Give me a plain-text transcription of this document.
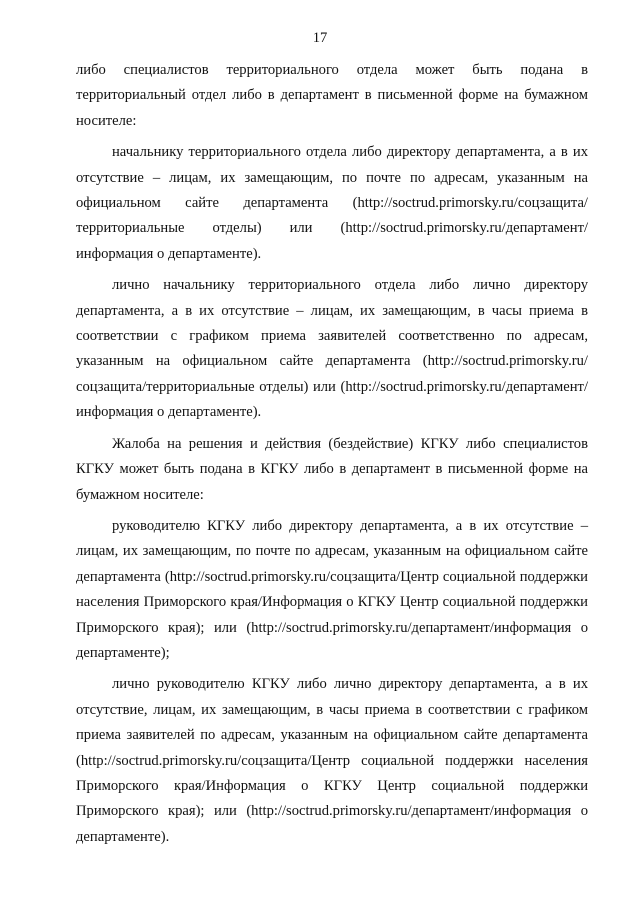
17

либо специалистов территориального отдела может быть подана в территориальный отдел либо в департамент в письменной форме на бумажном носителе:

начальнику территориального отдела либо директору департамента, а в их отсутствие – лицам, их замещающим, по почте по адресам, указанным на официальном сайте департамента (http://soctrud.primorsky.ru/соцзащита/ территориальные отделы) или (http://soctrud.primorsky.ru/департамент/информация о департаменте).

лично начальнику территориального отдела либо лично директору департамента, а в их отсутствие – лицам, их замещающим, в часы приема в соответствии с графиком приема заявителей соответственно по адресам, указанным на официальном сайте департамента (http://soctrud.primorsky.ru/соцзащита/территориальные отделы) или (http://soctrud.primorsky.ru/департамент/информация о департаменте).

Жалоба на решения и действия (бездействие) КГКУ либо специалистов КГКУ может быть подана в КГКУ либо в департамент в письменной форме на бумажном носителе:

руководителю КГКУ либо директору департамента, а в их отсутствие – лицам, их замещающим, по почте по адресам, указанным на официальном сайте департамента (http://soctrud.primorsky.ru/соцзащита/Центр социальной поддержки населения Приморского края/Информация о КГКУ Центр социальной поддержки Приморского края); или (http://soctrud.primorsky.ru/департамент/информация о департаменте);

лично руководителю КГКУ либо лично директору департамента, а в их отсутствие, лицам, их замещающим, в часы приема в соответствии с графиком приема заявителей по адресам, указанным на официальном сайте департамента (http://soctrud.primorsky.ru/соцзащита/Центр социальной поддержки населения Приморского края/Информация о КГКУ Центр социальной поддержки Приморского края); или (http://soctrud.primorsky.ru/департамент/информация о департаменте).
